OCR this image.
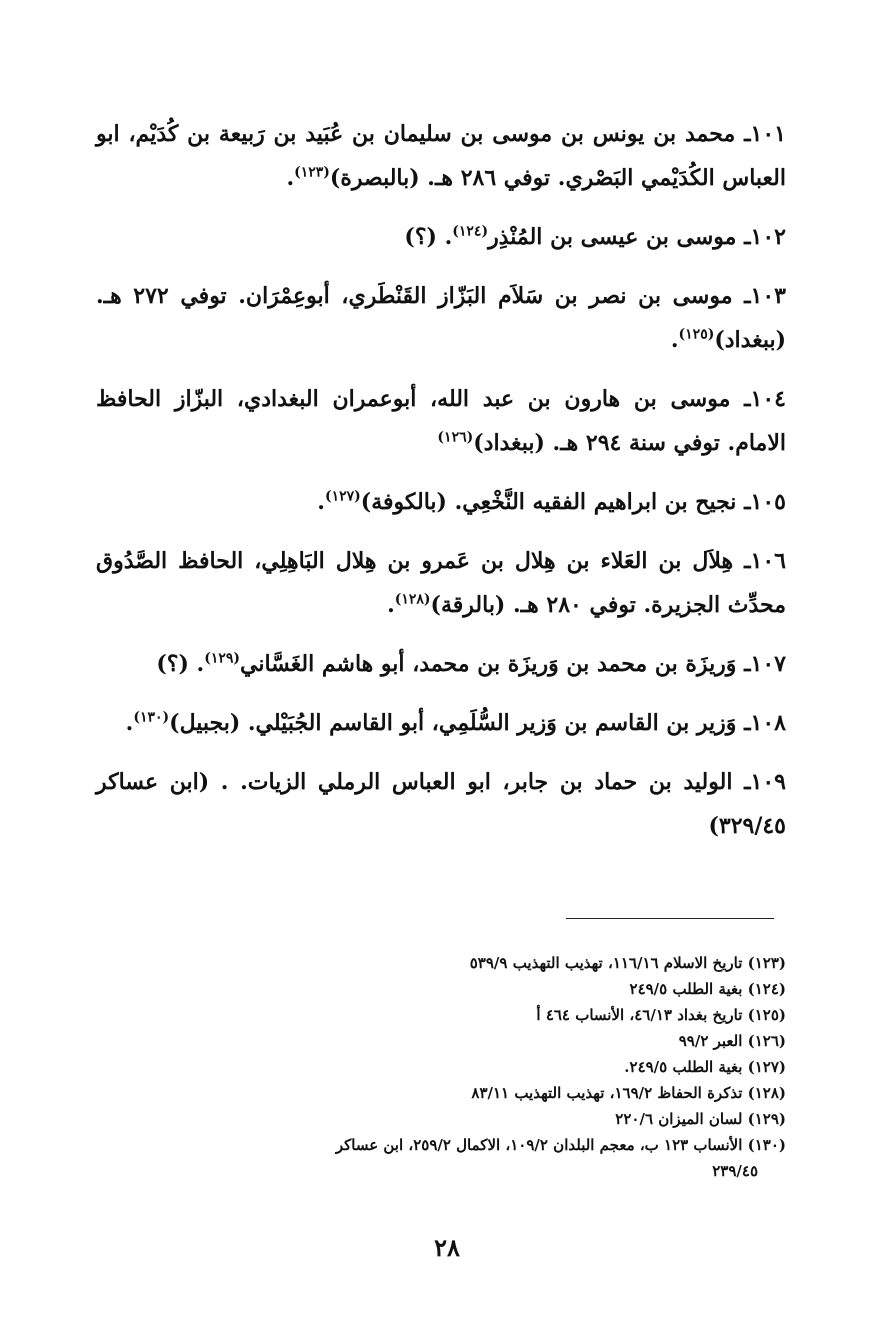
١٠١ـ محمد بن يونس بن موسى بن سليمان بن عُبَيد بن رَبيعة بن كُدَيْم، ابو العباس الكُدَيْمي البَصْري. توفي ٢٨٦ هـ. (بالبصرة)$^{(١٢٣)}$.

١٠٢ـ موسى بن عيسى بن المُنْذِر$^{(١٢٤)}$. (؟)

١٠٣ـ موسى بن نصر بن سَلاَم البَزّاز القَنْطَري، أبوعِمْرَان. توفي ٢٧٢ هـ. (ببغداد)$^{(١٢٥)}$.

١٠٤ـ موسى بن هارون بن عبد الله، أبوعمران البغدادي، البزّاز الحافظ الامام. توفي سنة ٢٩٤ هـ. (ببغداد)$^{(١٢٦)}$

١٠٥ـ نجيح بن ابراهيم الفقيه النَّخْعِي. (بالكوفة)$^{(١٢٧)}$.

١٠٦ـ هِلاَل بن العَلاء بن هِلال بن عَمرو بن هِلال البَاهِلِي، الحافظ الصَّدُوق محدِّث الجزيرة. توفي ٢٨٠ هـ. (بالرقة)$^{(١٢٨)}$.

١٠٧ـ وَريزَة بن محمد بن وَريزَة بن محمد، أبو هاشم الغَسَّاني$^{(١٢٩)}$. (؟)

١٠٨ـ وَزير بن القاسم بن وَزير السُّلَمِي، أبو القاسم الجُبَيْلي. (بجبيل)$^{(١٣٠)}$.

١٠٩ـ الوليد بن حماد بن جابر، ابو العباس الرملي الزيات. . (ابن عساكر ٣٢٩/٤٥)

(١٢٣) تاريخ الاسلام ١١٦/١٦، تهذيب التهذيب ٥٣٩/٩
(١٢٤) بغية الطلب ٢٤٩/٥
(١٢٥) تاريخ بغداد ٤٦/١٣، الأنساب ٤٦٤ أ
(١٢٦) العبر ٩٩/٢
(١٢٧) بغية الطلب ٢٤٩/٥.
(١٢٨) تذكرة الحفاظ ١٦٩/٢، تهذيب التهذيب ٨٣/١١
(١٢٩) لسان الميزان ٢٢٠/٦
(١٣٠) الأنساب ١٢٣ ب، معجم البلدان ١٠٩/٢، الاكمال ٢٥٩/٢، ابن عساكر
٢٣٩/٤٥
٢٨
